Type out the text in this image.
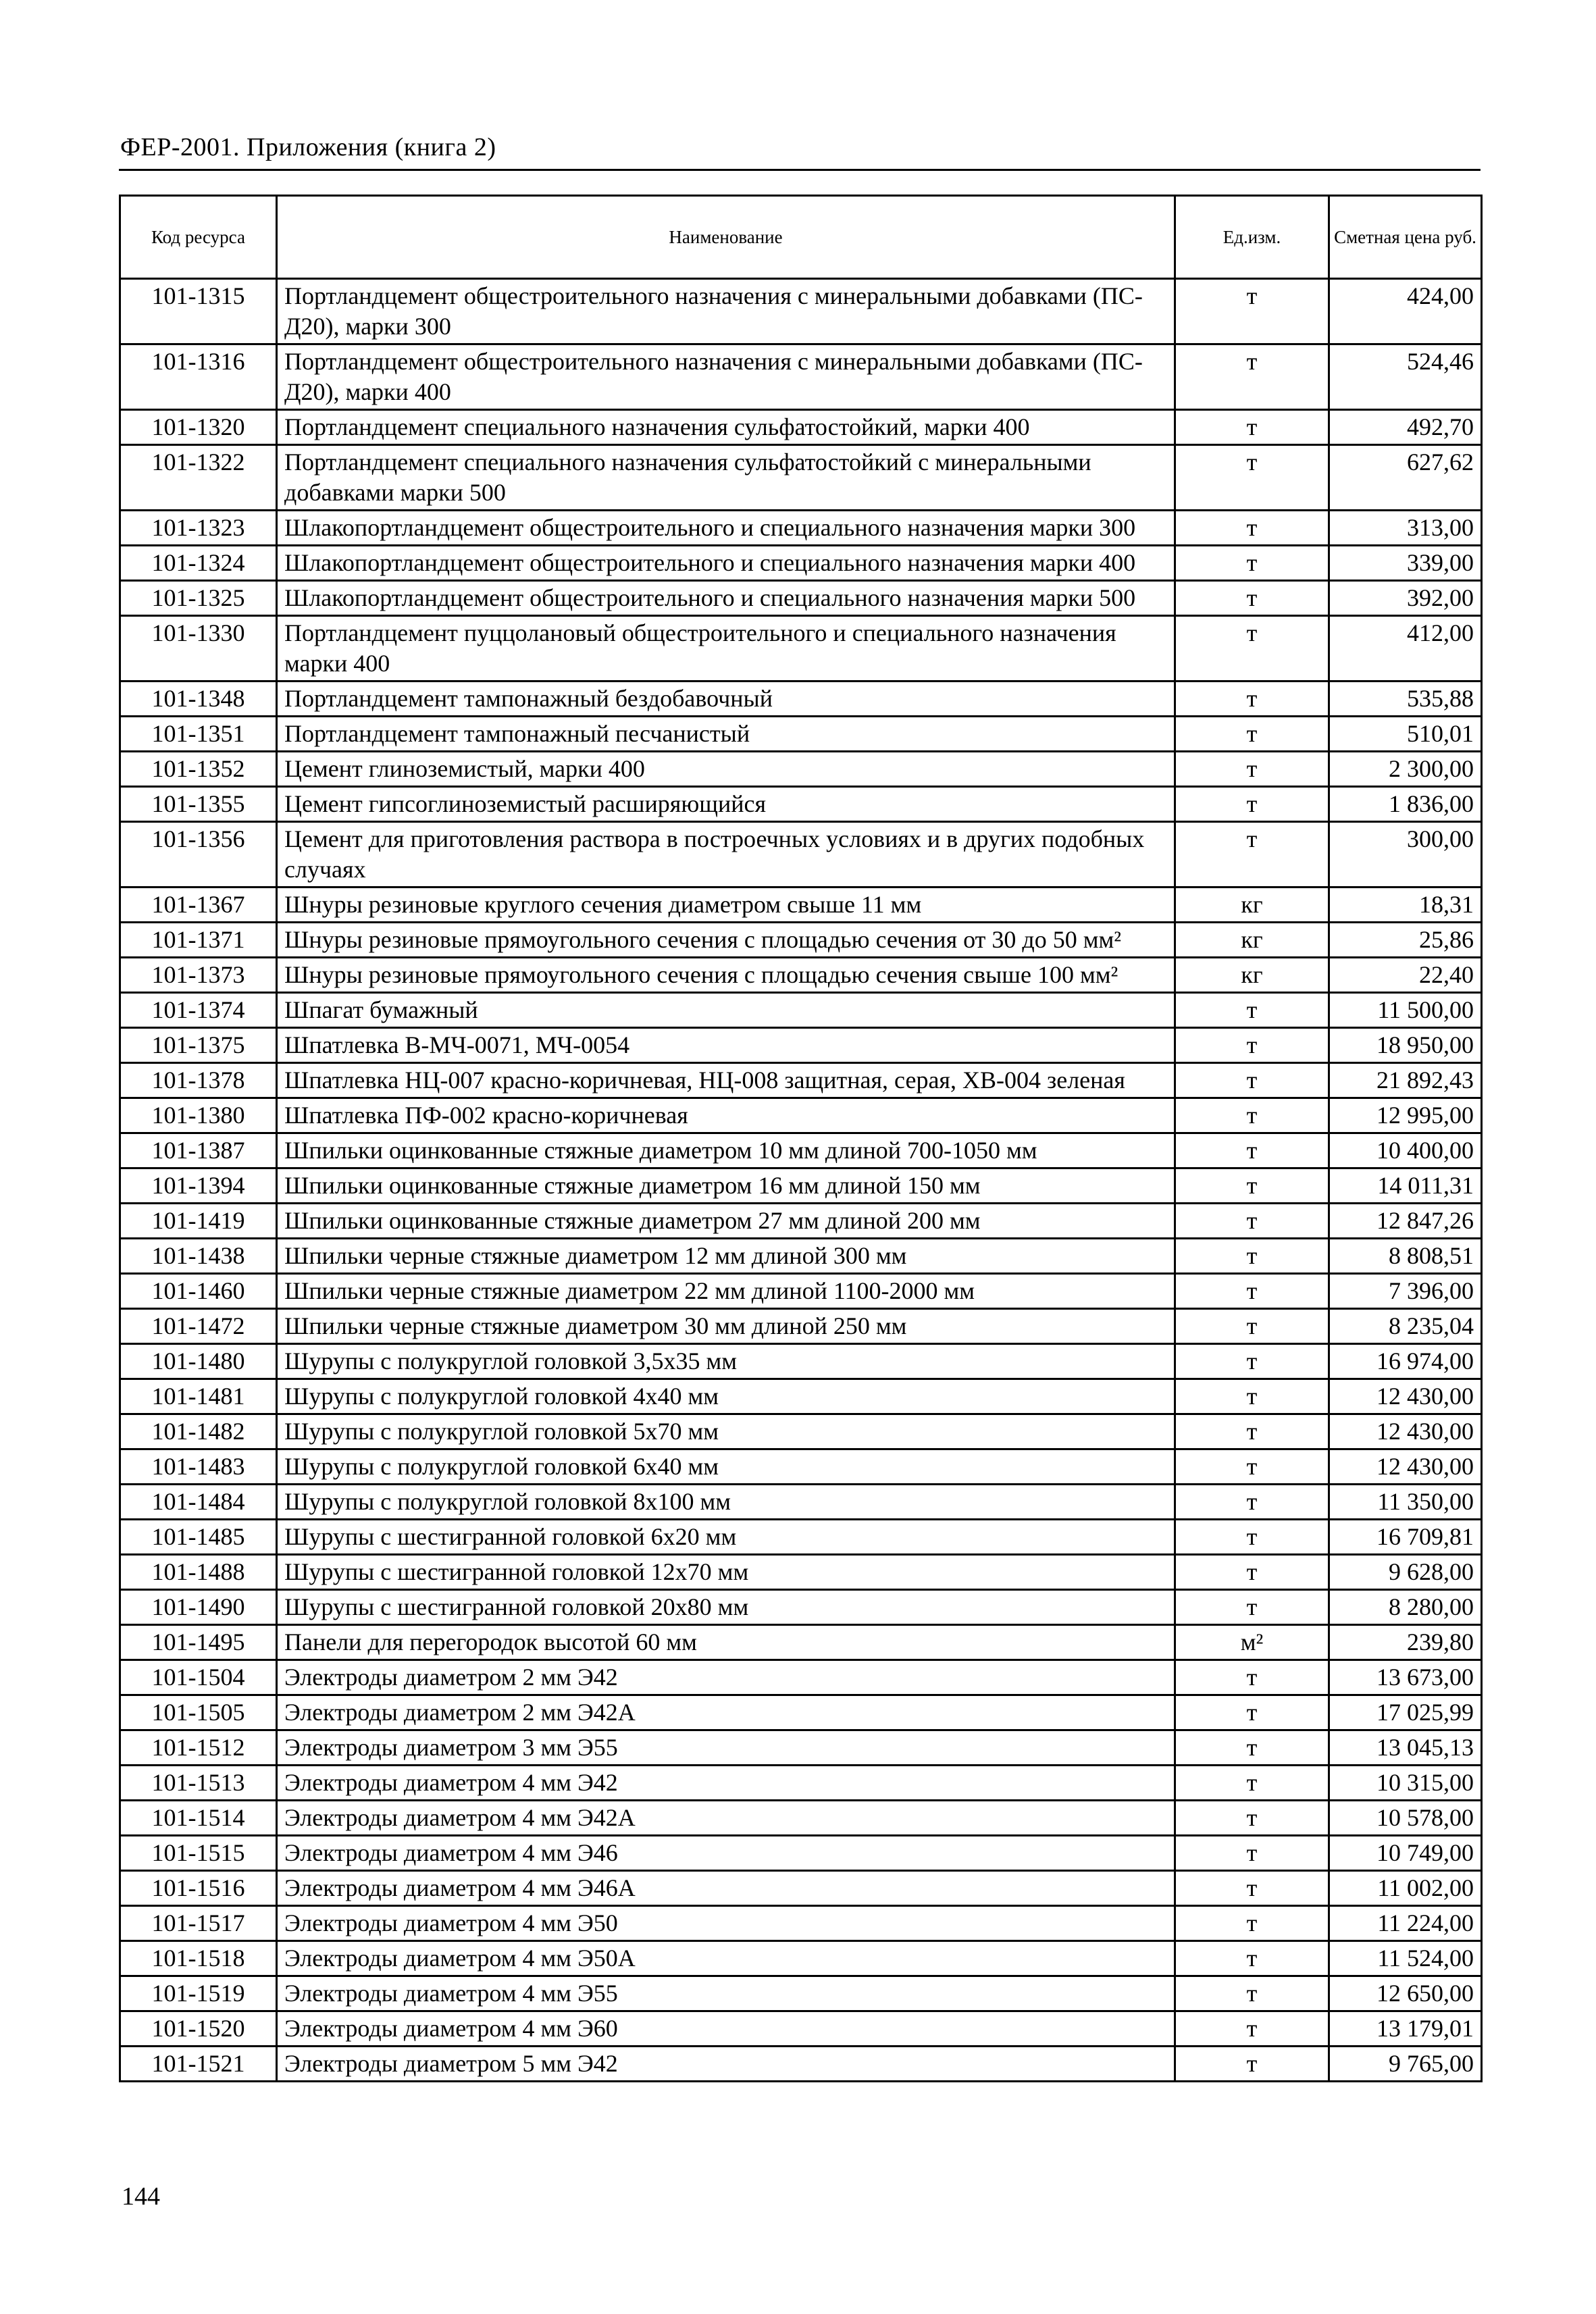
ФЕР-2001. Приложения (книга 2)
Код ресурса	Наименование	Ед.изм.	Сметная цена руб.
101-1315	Портландцемент общестроительного назначения с минеральными добавками (ПС-Д20), марки 300	т	424,00
101-1316	Портландцемент общестроительного назначения с минеральными добавками (ПС-Д20), марки 400	т	524,46
101-1320	Портландцемент специального назначения сульфатостойкий, марки 400	т	492,70
101-1322	Портландцемент специального назначения сульфатостойкий с минеральными добавками марки 500	т	627,62
101-1323	Шлакопортландцемент общестроительного и специального назначения марки 300	т	313,00
101-1324	Шлакопортландцемент общестроительного и специального назначения марки 400	т	339,00
101-1325	Шлакопортландцемент общестроительного и специального назначения марки 500	т	392,00
101-1330	Портландцемент пуццолановый общестроительного и специального назначения марки 400	т	412,00
101-1348	Портландцемент тампонажный бездобавочный	т	535,88
101-1351	Портландцемент тампонажный песчанистый	т	510,01
101-1352	Цемент глиноземистый, марки 400	т	2 300,00
101-1355	Цемент гипсоглиноземистый расширяющийся	т	1 836,00
101-1356	Цемент для приготовления раствора в построечных условиях и в других подобных случаях	т	300,00
101-1367	Шнуры резиновые круглого сечения диаметром свыше 11 мм	кг	18,31
101-1371	Шнуры резиновые прямоугольного сечения с площадью сечения от 30 до 50 мм²	кг	25,86
101-1373	Шнуры резиновые прямоугольного сечения с площадью сечения свыше 100 мм²	кг	22,40
101-1374	Шпагат бумажный	т	11 500,00
101-1375	Шпатлевка В-МЧ-0071, МЧ-0054	т	18 950,00
101-1378	Шпатлевка НЦ-007 красно-коричневая, НЦ-008 защитная, серая, ХВ-004 зеленая	т	21 892,43
101-1380	Шпатлевка ПФ-002 красно-коричневая	т	12 995,00
101-1387	Шпильки оцинкованные стяжные диаметром 10 мм длиной 700-1050 мм	т	10 400,00
101-1394	Шпильки оцинкованные стяжные диаметром 16 мм длиной 150 мм	т	14 011,31
101-1419	Шпильки оцинкованные стяжные диаметром 27 мм длиной 200 мм	т	12 847,26
101-1438	Шпильки черные стяжные диаметром 12 мм длиной 300 мм	т	8 808,51
101-1460	Шпильки черные стяжные диаметром 22 мм длиной 1100-2000 мм	т	7 396,00
101-1472	Шпильки черные стяжные диаметром 30 мм длиной 250 мм	т	8 235,04
101-1480	Шурупы с полукруглой головкой 3,5х35 мм	т	16 974,00
101-1481	Шурупы с полукруглой головкой 4х40 мм	т	12 430,00
101-1482	Шурупы с полукруглой головкой 5х70 мм	т	12 430,00
101-1483	Шурупы с полукруглой головкой 6х40 мм	т	12 430,00
101-1484	Шурупы с полукруглой головкой 8х100 мм	т	11 350,00
101-1485	Шурупы с шестигранной головкой 6х20 мм	т	16 709,81
101-1488	Шурупы с шестигранной головкой 12х70 мм	т	9 628,00
101-1490	Шурупы с шестигранной головкой 20х80 мм	т	8 280,00
101-1495	Панели для перегородок высотой 60 мм	м²	239,80
101-1504	Электроды диаметром 2 мм Э42	т	13 673,00
101-1505	Электроды диаметром 2 мм Э42А	т	17 025,99
101-1512	Электроды диаметром 3 мм Э55	т	13 045,13
101-1513	Электроды диаметром 4 мм Э42	т	10 315,00
101-1514	Электроды диаметром 4 мм Э42А	т	10 578,00
101-1515	Электроды диаметром 4 мм Э46	т	10 749,00
101-1516	Электроды диаметром 4 мм Э46А	т	11 002,00
101-1517	Электроды диаметром 4 мм Э50	т	11 224,00
101-1518	Электроды диаметром 4 мм Э50А	т	11 524,00
101-1519	Электроды диаметром 4 мм Э55	т	12 650,00
101-1520	Электроды диаметром 4 мм Э60	т	13 179,01
101-1521	Электроды диаметром 5 мм Э42	т	9 765,00
144
